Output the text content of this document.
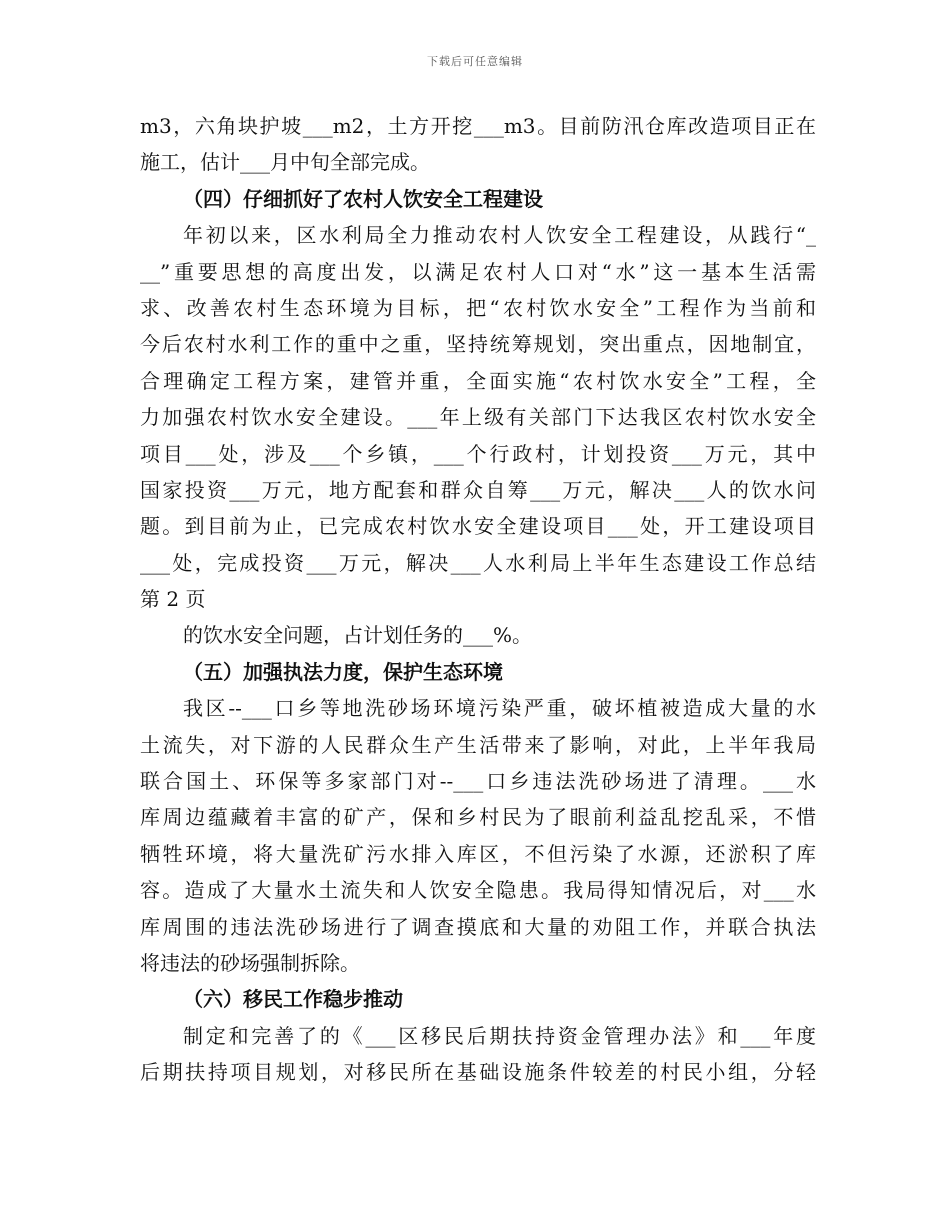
下载后可任意编辑
m3，六角块护坡___m2，土方开挖___m3。目前防汛仓库改造项目正在
施工，估计___月中旬全部完成。
（四）仔细抓好了农村人饮安全工程建设
年初以来，区水利局全力推动农村人饮安全工程建设，从践行“_
__”重要思想的高度出发，以满足农村人口对“水”这一基本生活需
求、改善农村生态环境为目标，把“农村饮水安全”工程作为当前和
今后农村水利工作的重中之重，坚持统筹规划，突出重点，因地制宜，
合理确定工程方案，建管并重，全面实施“农村饮水安全”工程，全
力加强农村饮水安全建设。___年上级有关部门下达我区农村饮水安全
项目___处，涉及___个乡镇，___个行政村，计划投资___万元，其中
国家投资___万元，地方配套和群众自筹___万元，解决___人的饮水问
题。到目前为止，已完成农村饮水安全建设项目___处，开工建设项目
___处，完成投资___万元，解决___人水利局上半年生态建设工作总结
第 2 页
的饮水安全问题，占计划任务的___%。
（五）加强执法力度，保护生态环境
我区--___口乡等地洗砂场环境污染严重，破坏植被造成大量的水
土流失，对下游的人民群众生产生活带来了影响，对此，上半年我局
联合国土、环保等多家部门对--___口乡违法洗砂场进了清理。___水
库周边蕴藏着丰富的矿产，保和乡村民为了眼前利益乱挖乱采，不惜
牺牲环境，将大量洗矿污水排入库区，不但污染了水源，还淤积了库
容。造成了大量水土流失和人饮安全隐患。我局得知情况后，对___水
库周围的违法洗砂场进行了调查摸底和大量的劝阻工作，并联合执法
将违法的砂场强制拆除。
（六）移民工作稳步推动
制定和完善了的《___区移民后期扶持资金管理办法》和___年度
后期扶持项目规划，对移民所在基础设施条件较差的村民小组，分轻
